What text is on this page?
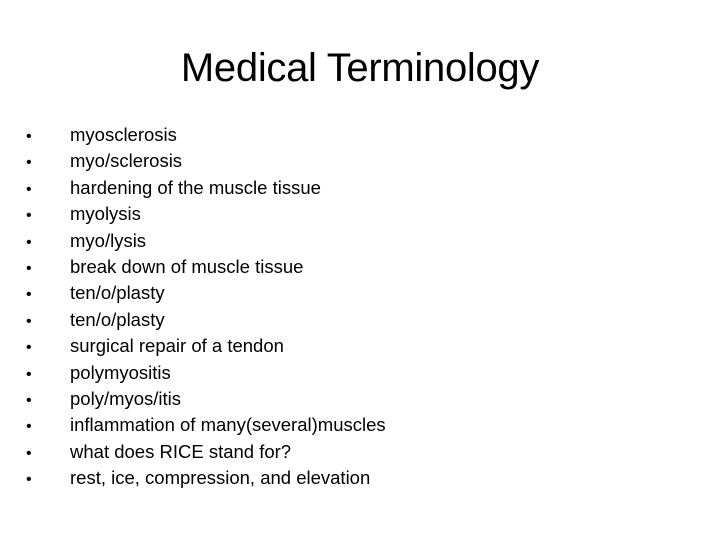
Medical Terminology
•	myosclerosis
•	myo/sclerosis
•	hardening of the muscle tissue
•	myolysis
•	myo/lysis
•	break down of muscle tissue
•	ten/o/plasty
•	ten/o/plasty
•	surgical repair of a tendon
•	polymyositis
•	poly/myos/itis
•	inflammation of many(several)muscles
•	what does RICE stand for?
•	rest, ice, compression, and elevation
